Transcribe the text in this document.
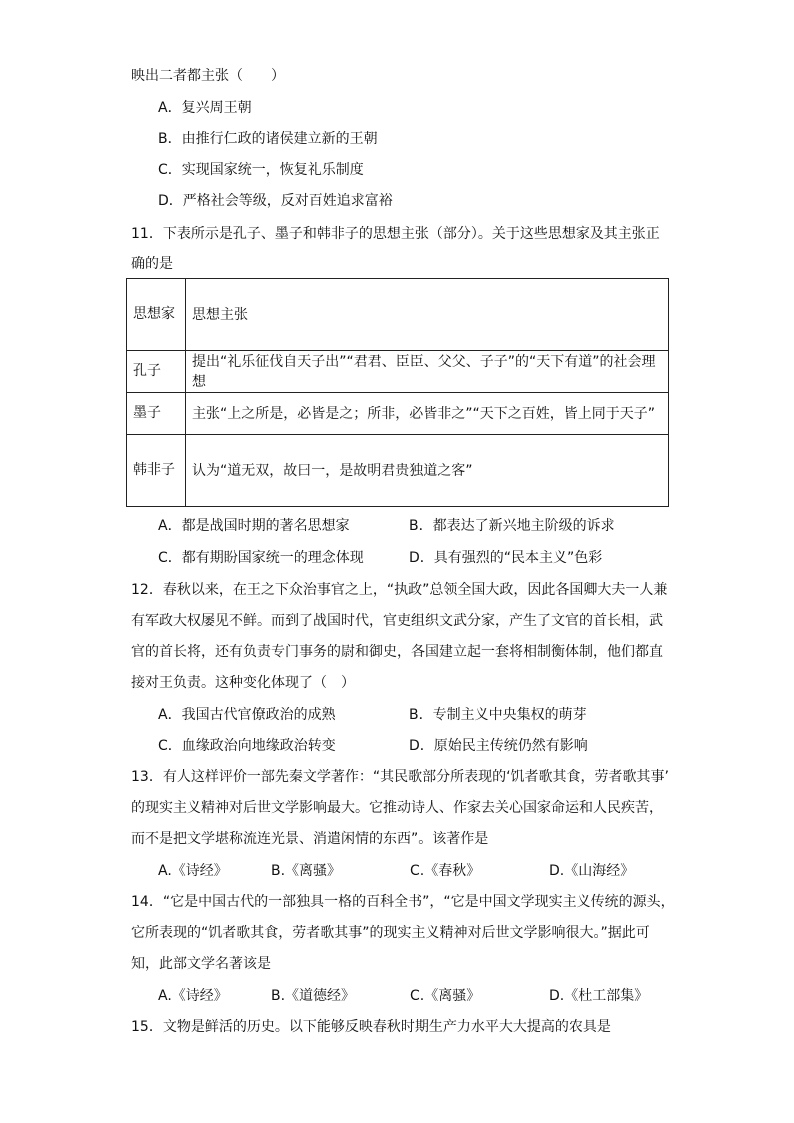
映出二者都主张（　　）
A．复兴周王朝
B．由推行仁政的诸侯建立新的王朝
C．实现国家统一，恢复礼乐制度
D．严格社会等级，反对百姓追求富裕
11．下表所示是孔子、墨子和韩非子的思想主张（部分）。关于这些思想家及其主张正
确的是
思想家	思想主张
孔子	提出“礼乐征伐自天子出”“君君、臣臣、父父、子子”的“天下有道”的社会理想
墨子	主张“上之所是，必皆是之；所非，必皆非之”“天下之百姓，皆上同于天子”
韩非子	认为“道无双，故曰一，是故明君贵独道之客”
A．都是战国时期的著名思想家	B．都表达了新兴地主阶级的诉求
C．都有期盼国家统一的理念体现	D．具有强烈的“民本主义”色彩
12．春秋以来，在王之下众治事官之上，“执政”总领全国大政，因此各国卿大夫一人兼
有军政大权屡见不鲜。而到了战国时代，官吏组织文武分家，产生了文官的首长相，武
官的首长将，还有负责专门事务的尉和御史，各国建立起一套将相制衡体制，他们都直
接对王负责。这种变化体现了（　）
A．我国古代官僚政治的成熟	B．专制主义中央集权的萌芽
C．血缘政治向地缘政治转变	D．原始民主传统仍然有影响
13．有人这样评价一部先秦文学著作：“其民歌部分所表现的‘饥者歌其食，劳者歌其事’
的现实主义精神对后世文学影响最大。它推动诗人、作家去关心国家命运和人民疾苦，
而不是把文学堪称流连光景、消遣闲情的东西”。该著作是
A.《诗经》	B.《离骚》	C.《春秋》	D.《山海经》
14．“它是中国古代的一部独具一格的百科全书”，“它是中国文学现实主义传统的源头，
它所表现的“饥者歌其食，劳者歌其事”的现实主义精神对后世文学影响很大。”据此可
知，此部文学名著该是
A.《诗经》	B.《道德经》	C.《离骚》	D.《杜工部集》
15．文物是鲜活的历史。以下能够反映春秋时期生产力水平大大提高的农具是
